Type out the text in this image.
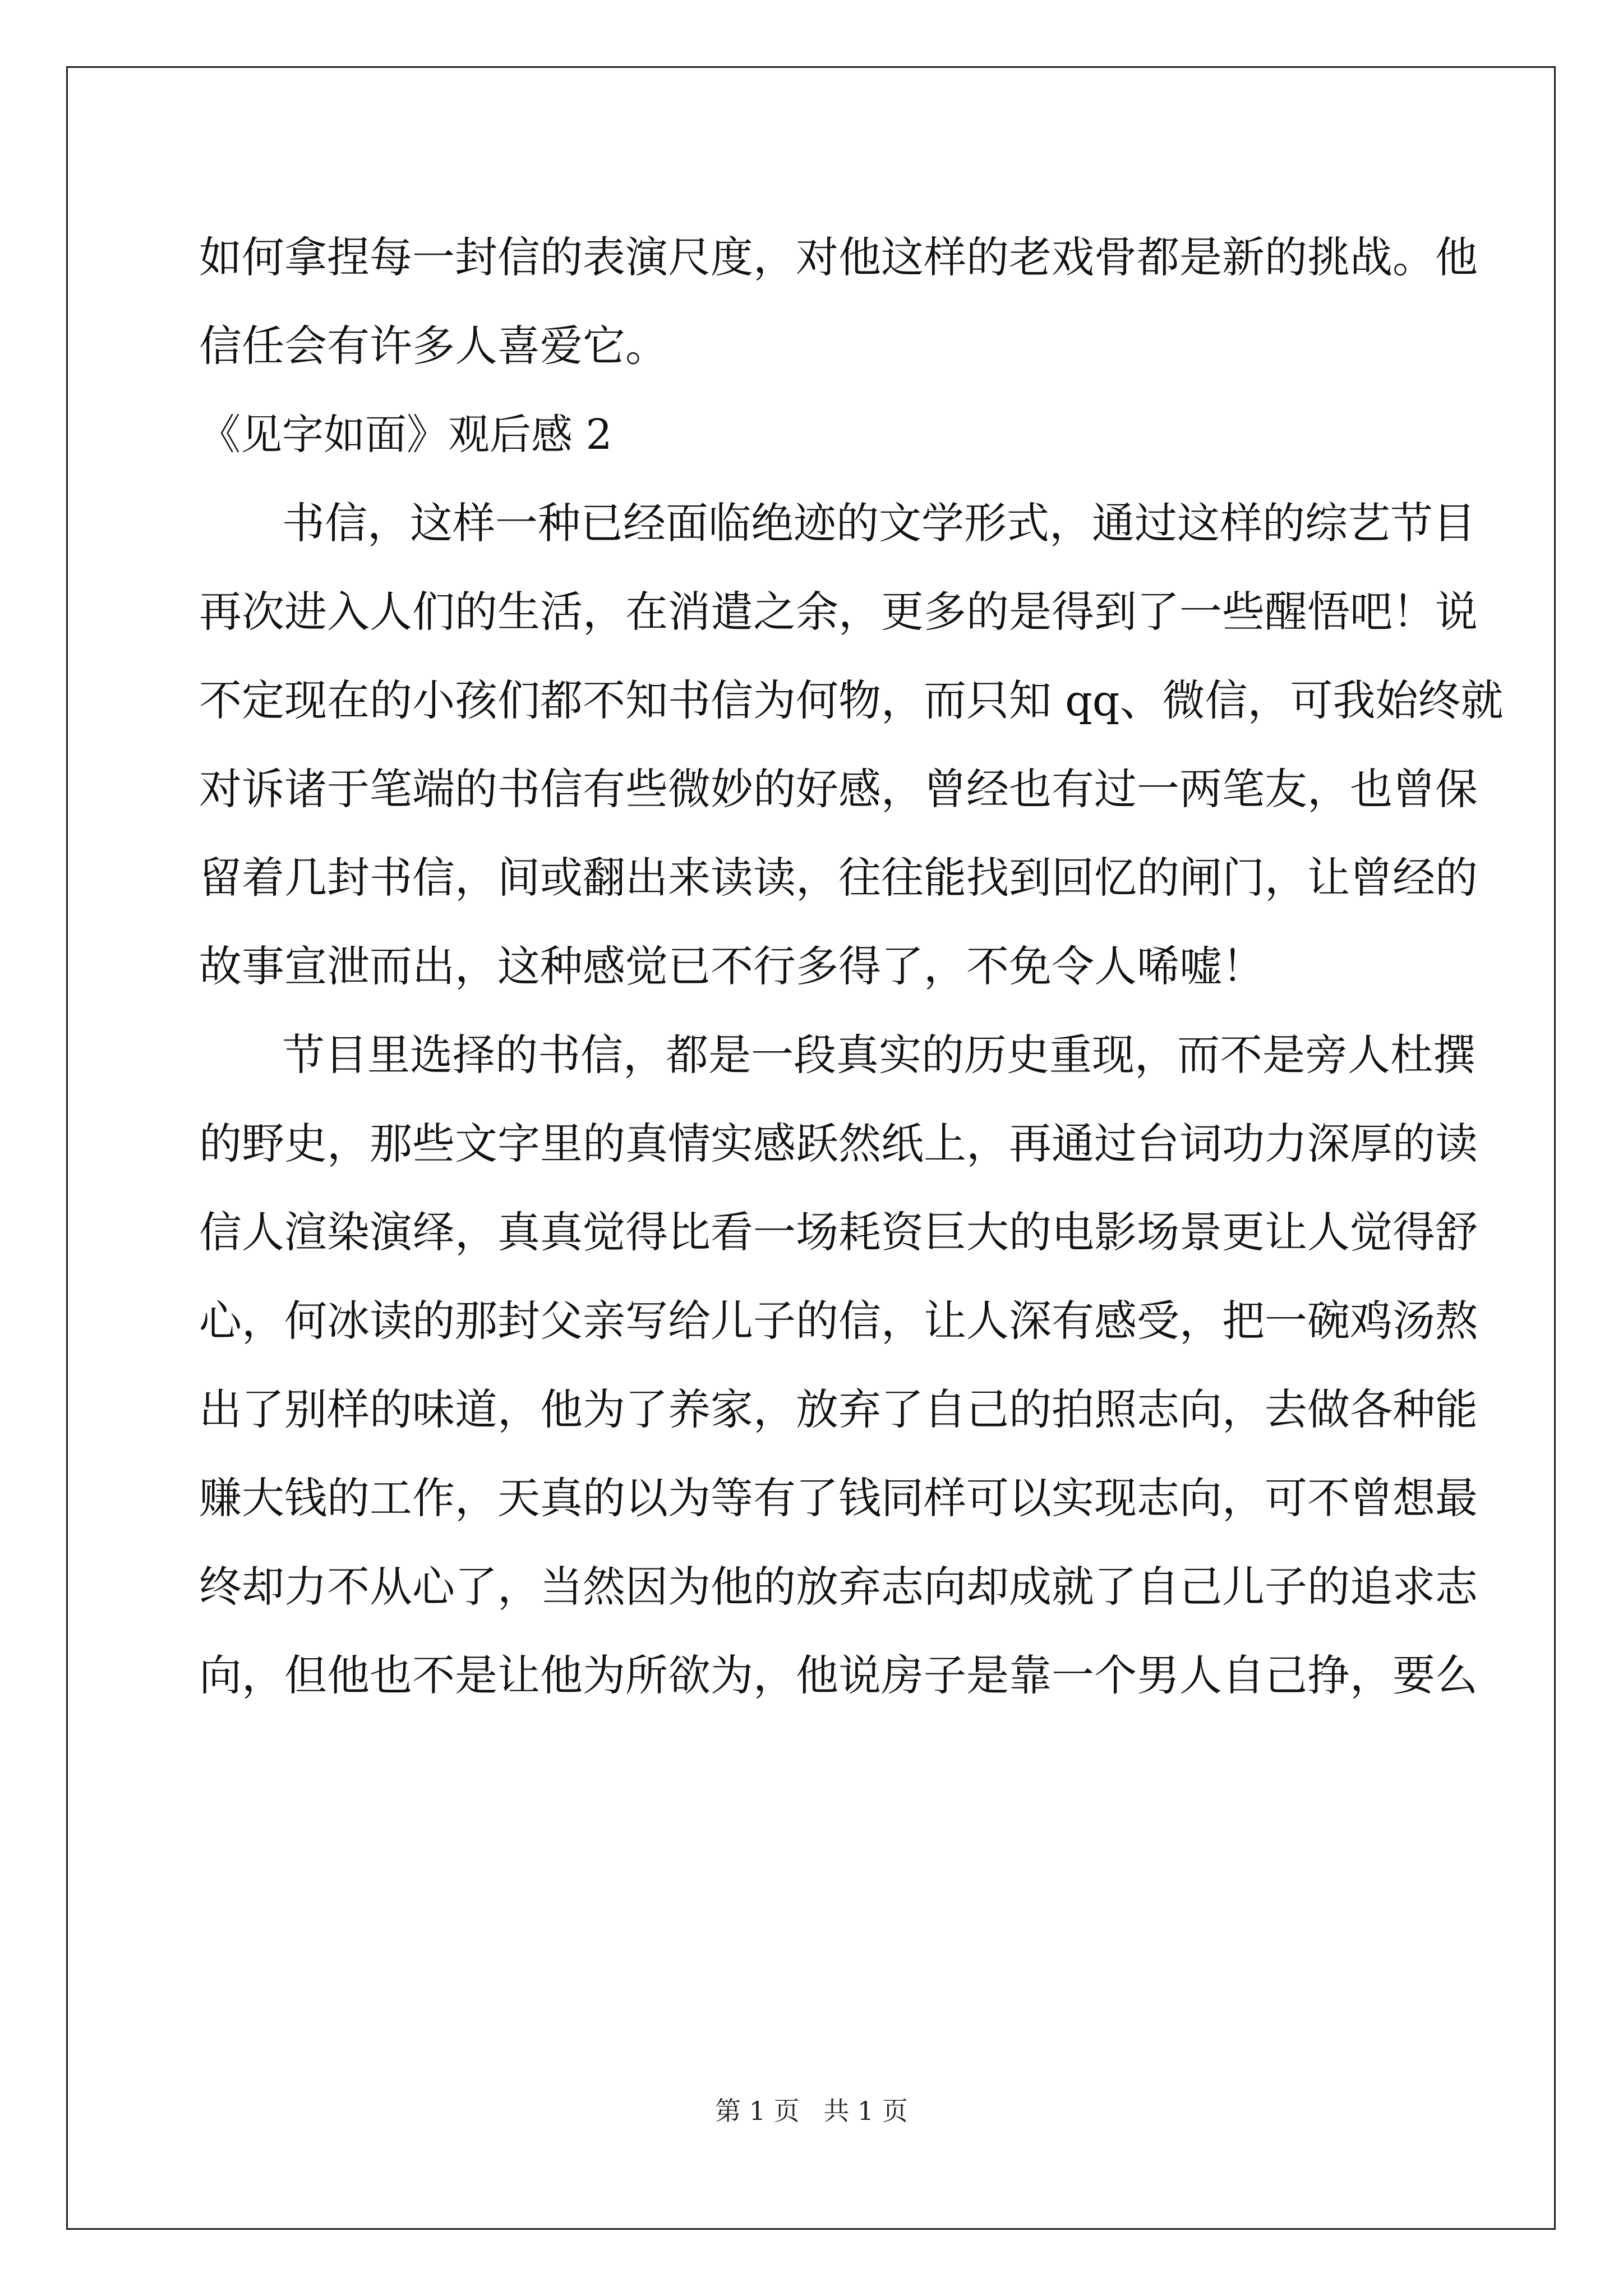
如何拿捏每一封信的表演尺度，对他这样的老戏骨都是新的挑战。他
信任会有许多人喜爱它。
《见字如面》观后感 2
书信，这样一种已经面临绝迹的文学形式，通过这样的综艺节目
再次进入人们的生活，在消遣之余，更多的是得到了一些醒悟吧！说
不定现在的小孩们都不知书信为何物，而只知 qq、微信，可我始终就
对诉诸于笔端的书信有些微妙的好感，曾经也有过一两笔友，也曾保
留着几封书信，间或翻出来读读，往往能找到回忆的闸门，让曾经的
故事宣泄而出，这种感觉已不行多得了，不免令人唏嘘！
节目里选择的书信，都是一段真实的历史重现，而不是旁人杜撰
的野史，那些文字里的真情实感跃然纸上，再通过台词功力深厚的读
信人渲染演绎，真真觉得比看一场耗资巨大的电影场景更让人觉得舒
心，何冰读的那封父亲写给儿子的信，让人深有感受，把一碗鸡汤熬
出了别样的味道，他为了养家，放弃了自己的拍照志向，去做各种能
赚大钱的工作，天真的以为等有了钱同样可以实现志向，可不曾想最
终却力不从心了，当然因为他的放弃志向却成就了自己儿子的追求志
向，但他也不是让他为所欲为，他说房子是靠一个男人自己挣，要么
第 1 页 共 1 页
